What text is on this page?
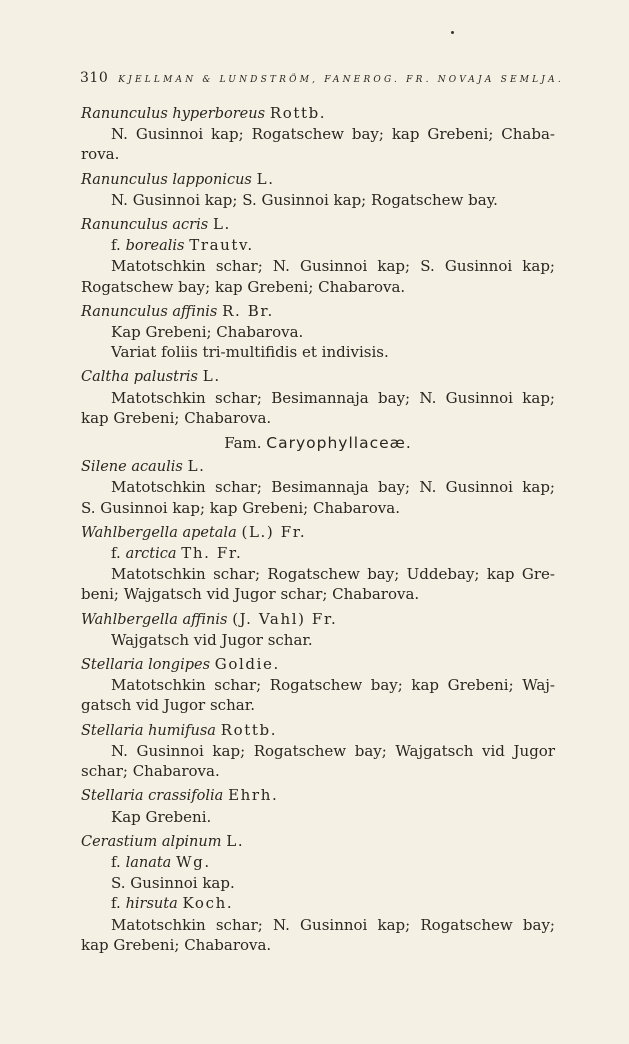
310 KJELLMAN & LUNDSTRÖM, FANEROG. FR. NOVAJA SEMLJA.
Ranunculus hyperboreus Rottb.
N. Gusinnoi kap; Rogatschew bay; kap Grebeni; Chaba-
rova.
Ranunculus lapponicus L.
N. Gusinnoi kap; S. Gusinnoi kap; Rogatschew bay.
Ranunculus acris L.
f. borealis Trautv.
Matotschkin schar; N. Gusinnoi kap; S. Gusinnoi kap;
Rogatschew bay; kap Grebeni; Chabarova.
Ranunculus affinis R. Br.
Kap Grebeni; Chabarova.
Variat foliis tri-multifidis et indivisis.
Caltha palustris L.
Matotschkin schar; Besimannaja bay; N. Gusinnoi kap;
kap Grebeni; Chabarova.
Fam. Caryophyllaceæ.
Silene acaulis L.
Matotschkin schar; Besimannaja bay; N. Gusinnoi kap;
S. Gusinnoi kap; kap Grebeni; Chabarova.
Wahlbergella apetala (L.) Fr.
f. arctica Th. Fr.
Matotschkin schar; Rogatschew bay; Uddebay; kap Gre-
beni; Wajgatsch vid Jugor schar; Chabarova.
Wahlbergella affinis (J. Vahl) Fr.
Wajgatsch vid Jugor schar.
Stellaria longipes Goldie.
Matotschkin schar; Rogatschew bay; kap Grebeni; Waj-
gatsch vid Jugor schar.
Stellaria humifusa Rottb.
N. Gusinnoi kap; Rogatschew bay; Wajgatsch vid Jugor
schar; Chabarova.
Stellaria crassifolia Ehrh.
Kap Grebeni.
Cerastium alpinum L.
f. lanata Wg.
S. Gusinnoi kap.
f. hirsuta Koch.
Matotschkin schar; N. Gusinnoi kap; Rogatschew bay;
kap Grebeni; Chabarova.
